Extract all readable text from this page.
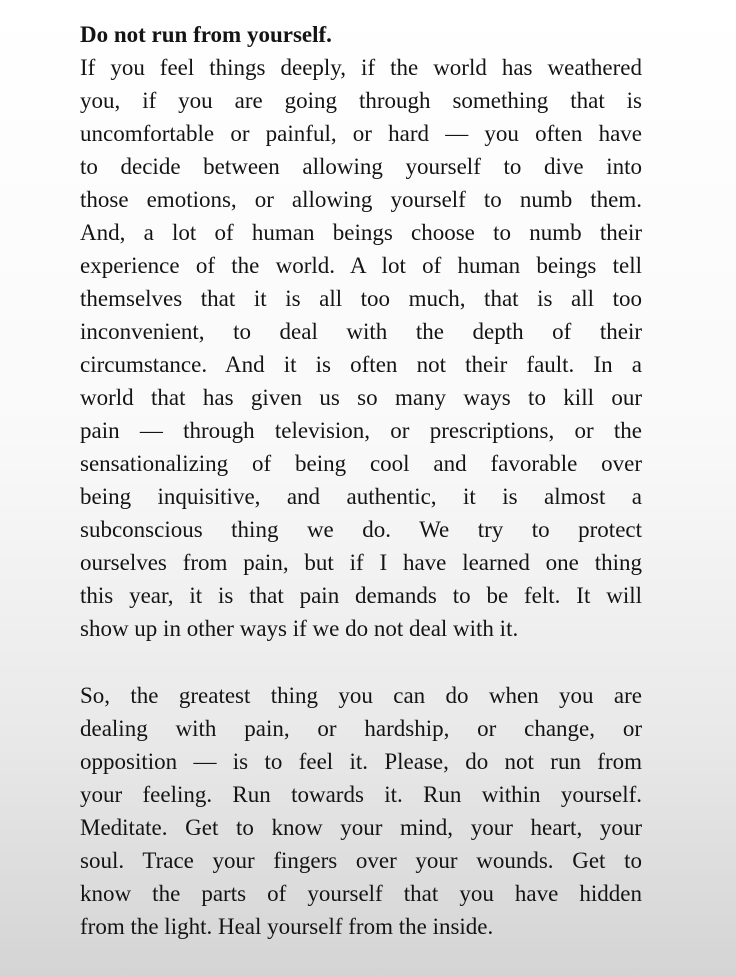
Do not run from yourself.
If you feel things deeply, if the world has weathered
you, if you are going through something that is
uncomfortable or painful, or hard — you often have
to decide between allowing yourself to dive into
those emotions, or allowing yourself to numb them.
And, a lot of human beings choose to numb their
experience of the world. A lot of human beings tell
themselves that it is all too much, that is all too
inconvenient, to deal with the depth of their
circumstance. And it is often not their fault. In a
world that has given us so many ways to kill our
pain — through television, or prescriptions, or the
sensationalizing of being cool and favorable over
being inquisitive, and authentic, it is almost a
subconscious thing we do. We try to protect
ourselves from pain, but if I have learned one thing
this year, it is that pain demands to be felt. It will
show up in other ways if we do not deal with it.
So, the greatest thing you can do when you are
dealing with pain, or hardship, or change, or
opposition — is to feel it. Please, do not run from
your feeling. Run towards it. Run within yourself.
Meditate. Get to know your mind, your heart, your
soul. Trace your fingers over your wounds. Get to
know the parts of yourself that you have hidden
from the light. Heal yourself from the inside.
